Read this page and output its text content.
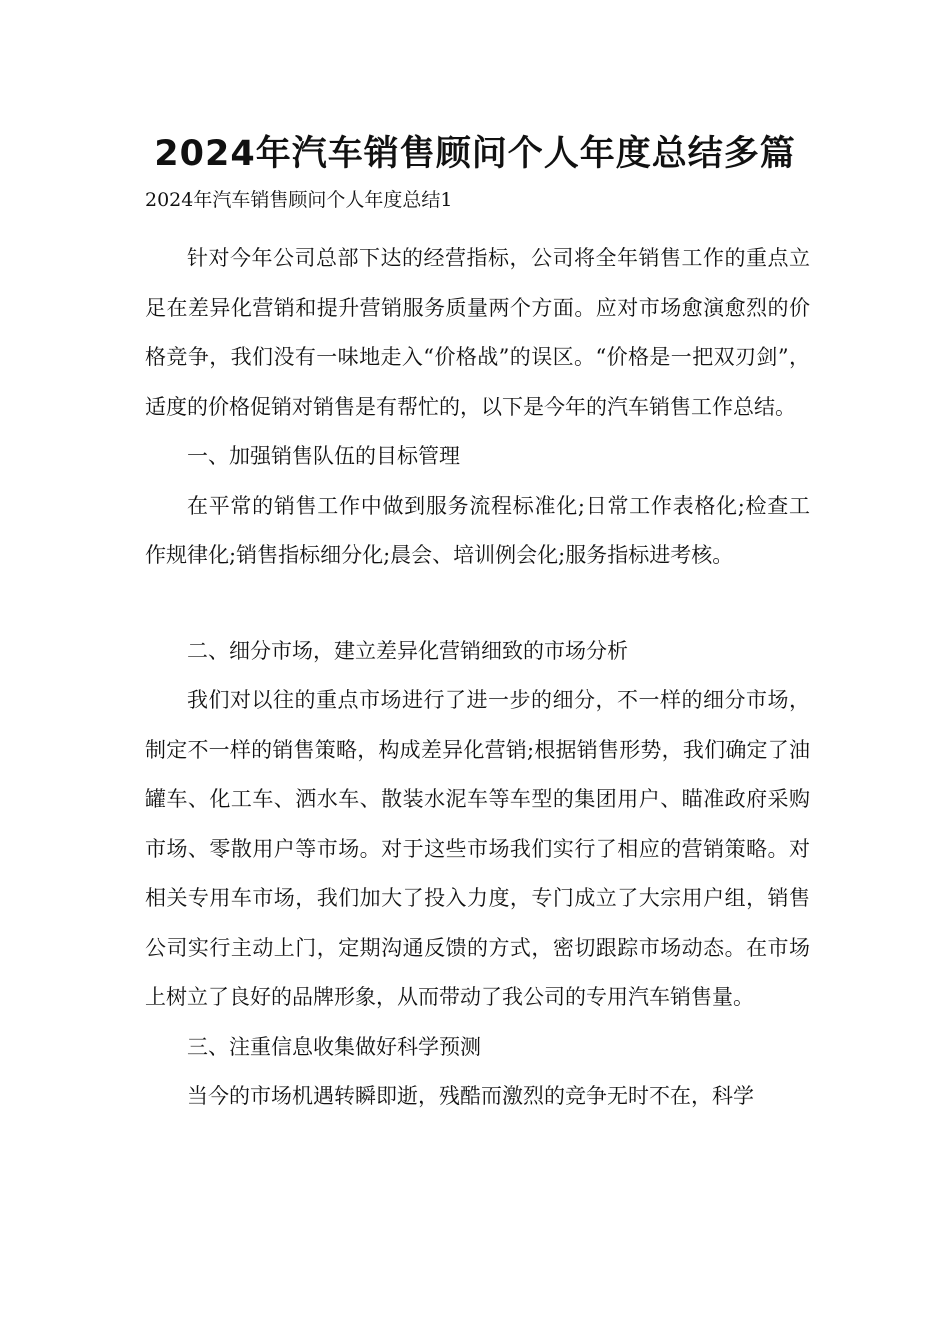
2024年汽车销售顾问个人年度总结多篇

2024年汽车销售顾问个人年度总结1

针对今年公司总部下达的经营指标，公司将全年销售工作的重点立足在差异化营销和提升营销服务质量两个方面。应对市场愈演愈烈的价格竞争，我们没有一味地走入“价格战”的误区。“价格是一把双刃剑”，适度的价格促销对销售是有帮忙的，以下是今年的汽车销售工作总结。

一、加强销售队伍的目标管理

在平常的销售工作中做到服务流程标准化;日常工作表格化;检查工作规律化;销售指标细分化;晨会、培训例会化;服务指标进考核。

二、细分市场，建立差异化营销细致的市场分析

我们对以往的重点市场进行了进一步的细分，不一样的细分市场，制定不一样的销售策略，构成差异化营销;根据销售形势，我们确定了油罐车、化工车、洒水车、散装水泥车等车型的集团用户、瞄准政府采购市场、零散用户等市场。对于这些市场我们实行了相应的营销策略。对相关专用车市场，我们加大了投入力度，专门成立了大宗用户组，销售公司实行主动上门，定期沟通反馈的方式，密切跟踪市场动态。在市场上树立了良好的品牌形象，从而带动了我公司的专用汽车销售量。

三、注重信息收集做好科学预测

当今的市场机遇转瞬即逝，残酷而激烈的竞争无时不在，科学
